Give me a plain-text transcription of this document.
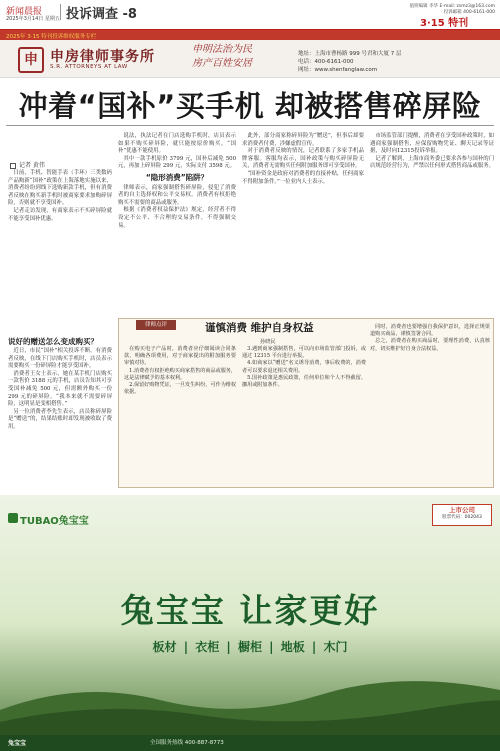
新闻晨报
2025年3月14日 星期五 投诉调查 -8
值班编辑 李华 E-mail: zsmz3@163.com
投诉邮箱 400-6161-000
3·15 特刊
2025年 3·15 特刊投诉维权服务专栏
申 申房律师事务所
S.R. ATTORNEYS AT LAW
申明法治为民 房产百姓安居
地址：上海市曹杨路 999 号君和大厦 7 层
电话：400-6161-000
网址：www.shenfanglaw.com
冲着“国补”买手机 却被搭售碎屏险
记者 黄伟

日前，手机、智能手表（手环）三类数码产品购新“国补”政策在上海落地实施以来，消费者纷纷到线下选购新款手机，但有消费者反映在购买新手机时被商家要求加购碎屏险，否则就不享受国补。

记者走访发现，有商家表示不买碎屏险就不能享受国补优惠。

说好的赠送怎么变成购买？

近日，市民“国补”相关投诉不断。有消费者反映，在线下门店购买手机时，店员表示需要购买一份碎屏险才能享受国补。

消费者王女士表示，她在某手机门店购买一款售价 3188 元的手机，店员告知其可享受国补减免 500 元，但需额外购买一份 299 元的碎屏险。“我本来就不需要碎屏险，这明显是变相搭售。”

另一位消费者李先生表示，店员称碎屏险是“赠送”的，结果结账时却发现被收取了费用。

说法，执法记者在门店选购手机时，店员表示如果不购买碎屏险，就只能按原价购买，“国补”优惠不能使用。

其中一款手机原价 3799 元，国补后减免 500 元，再加上碎屏险 299 元，实际支付 3598 元。

“隐形消费”陷阱？

律师表示，商家强制搭售碎屏险，侵犯了消费者的自主选择权和公平交易权。消费者有权拒绝购买不需要的商品或服务。

根据《消费者权益保护法》规定，经营者不得设定不公平、不合理的交易条件，不得强制交易。

此外，部分商家称碎屏险为“赠送”，但事后却要求消费者付费，涉嫌虚假宣传。

对于消费者反映的情况，记者联系了多家手机品牌客服。客服均表示，国补政策与购买碎屏险无关，消费者无需购买任何附加服务即可享受国补。

“国补资金是政府对消费者的直接补贴，任何商家不得附加条件。”一位业内人士表示。

市场监管部门提醒，消费者在享受国补政策时，如遇商家强制搭售，应保留购物凭证、聊天记录等证据，及时向12315投诉举报。

记者了解到，上海市商务委已要求各参与国补的门店规范经营行为，严禁以任何形式搭售商品或服务。

律师点评	谨慎消费 维护自身权益
孙晓民

在购买电子产品时，消费者应仔细阅读合同条款，明确各项费用，对于商家提出的附加服务要审慎对待。

1.消费者有权拒绝购买商家搭售的商品或服务，这是法律赋予的基本权利。

2.保留好购物凭证，一旦发生纠纷，可作为维权依据。

3.遇到商家强制搭售，可以向市场监管部门投诉，或通过 12315 平台进行举报。

4.如商家以“赠送”名义诱导消费，事后收费的，消费者可以要求退还相关费用。

5.国补政策是惠民政策，任何单位和个人不得截留、挪用或附加条件。

同时，消费者也要增强自我保护意识，选择正规渠道购买商品，谨慎签署合同。

总之，消费者在购买商品时，要理性消费，认真核对，切实维护好自身合法权益。

TUBAO兔宝宝
上市公司
股票代码：002043
兔宝宝 让家更好
板材 | 衣柜 | 橱柜 | 地板 | 木门
兔宝宝	全国服务热线 400-887-8773
